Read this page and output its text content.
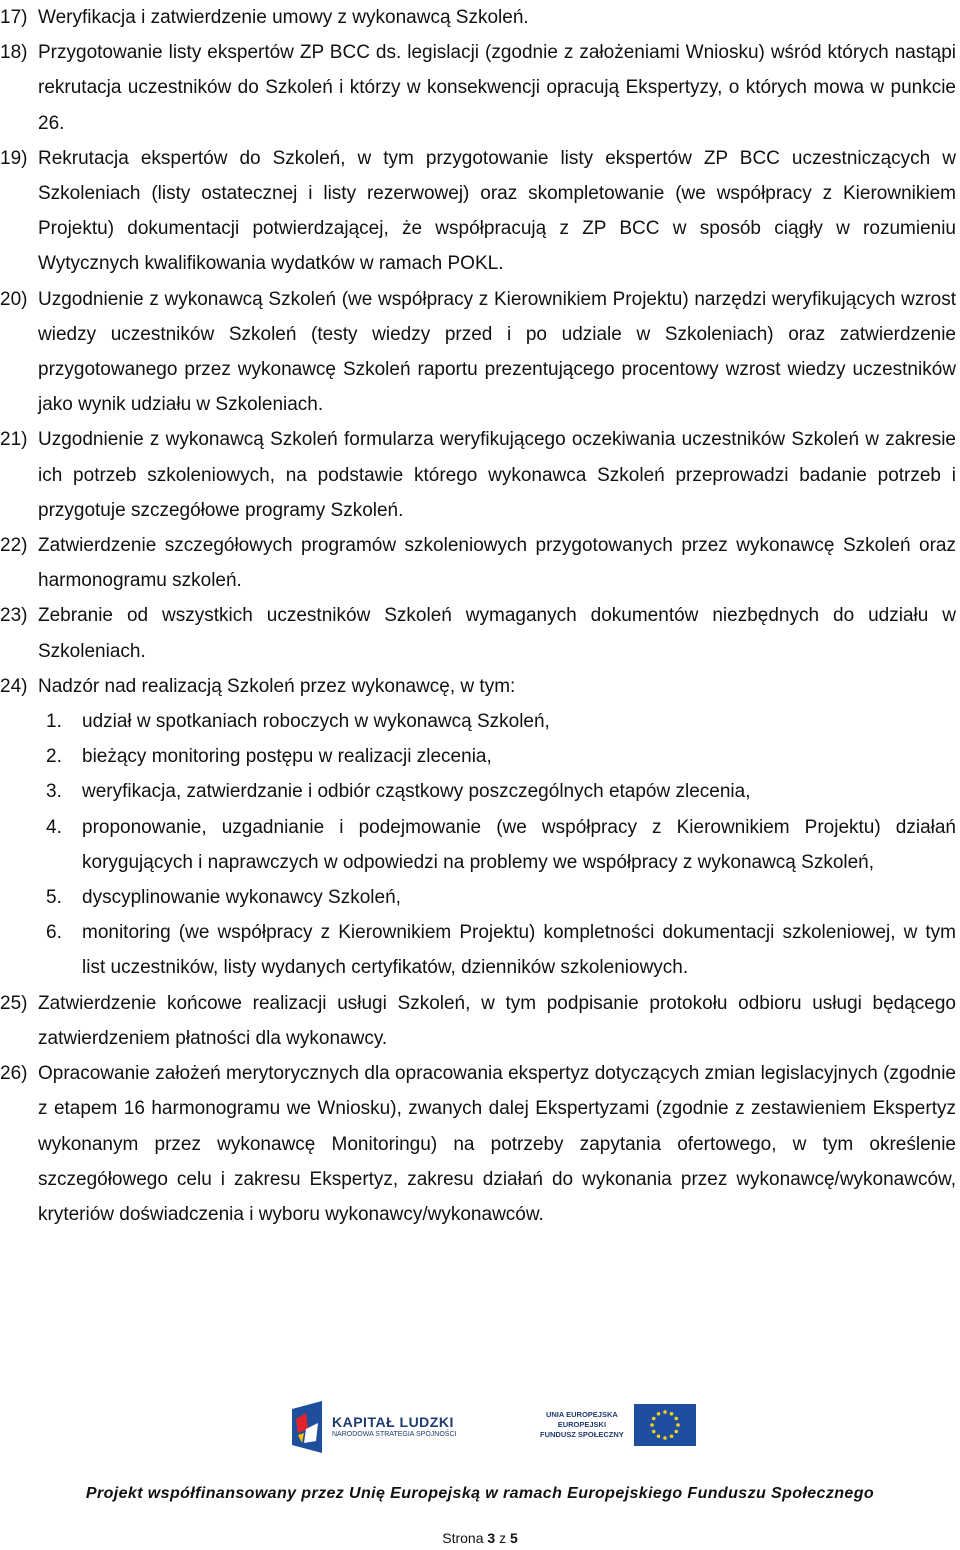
17) Weryfikacja i zatwierdzenie umowy z wykonawcą Szkoleń.
18) Przygotowanie listy ekspertów ZP BCC ds. legislacji (zgodnie z założeniami Wniosku) wśród których nastąpi rekrutacja uczestników do Szkoleń i którzy w konsekwencji opracują Ekspertyzy, o których mowa w punkcie 26.
19) Rekrutacja ekspertów do Szkoleń, w tym przygotowanie listy ekspertów ZP BCC uczestniczących w Szkoleniach (listy ostatecznej i listy rezerwowej) oraz skompletowanie (we współpracy z Kierownikiem Projektu) dokumentacji potwierdzającej, że współpracują z ZP BCC w sposób ciągły w rozumieniu Wytycznych kwalifikowania wydatków w ramach POKL.
20) Uzgodnienie z wykonawcą Szkoleń (we współpracy z Kierownikiem Projektu) narzędzi weryfikujących wzrost wiedzy uczestników Szkoleń (testy wiedzy przed i po udziale w Szkoleniach) oraz zatwierdzenie przygotowanego przez wykonawcę Szkoleń raportu prezentującego procentowy wzrost wiedzy uczestników jako wynik udziału w Szkoleniach.
21) Uzgodnienie z wykonawcą Szkoleń formularza weryfikującego oczekiwania uczestników Szkoleń w zakresie ich potrzeb szkoleniowych, na podstawie którego wykonawca Szkoleń przeprowadzi badanie potrzeb i przygotuje szczegółowe programy Szkoleń.
22) Zatwierdzenie szczegółowych programów szkoleniowych przygotowanych przez wykonawcę Szkoleń oraz harmonogramu szkoleń.
23) Zebranie od wszystkich uczestników Szkoleń wymaganych dokumentów niezbędnych do udziału w Szkoleniach.
24) Nadzór nad realizacją Szkoleń przez wykonawcę, w tym:
1.	udział w spotkaniach roboczych w wykonawcą Szkoleń,
2.	bieżący monitoring postępu w realizacji zlecenia,
3.	weryfikacja, zatwierdzanie i odbiór cząstkowy poszczególnych etapów zlecenia,
4.	proponowanie, uzgadnianie i podejmowanie (we współpracy z Kierownikiem Projektu) działań korygujących i naprawczych w odpowiedzi na problemy we współpracy z wykonawcą Szkoleń,
5.	dyscyplinowanie wykonawcy Szkoleń,
6.	monitoring (we współpracy z Kierownikiem Projektu) kompletności dokumentacji szkoleniowej, w tym list uczestników, listy wydanych certyfikatów, dzienników szkoleniowych.
25) Zatwierdzenie końcowe realizacji usługi Szkoleń, w tym podpisanie protokołu odbioru usługi będącego zatwierdzeniem płatności dla wykonawcy.
26) Opracowanie założeń merytorycznych dla opracowania ekspertyz dotyczących zmian legislacyjnych (zgodnie z etapem 16 harmonogramu we Wniosku), zwanych dalej Ekspertyzami (zgodnie z zestawieniem Ekspertyz wykonanym przez wykonawcę Monitoringu) na potrzeby zapytania ofertowego, w tym określenie szczegółowego celu i zakresu Ekspertyz, zakresu działań do wykonania przez wykonawcę/wykonawców, kryteriów doświadczenia i wyboru wykonawcy/wykonawców.
KAPITAŁ LUDZKI
NARODOWA STRATEGIA SPÓJNOŚCI
UNIA EUROPEJSKA
EUROPEJSKI
FUNDUSZ SPOŁECZNY
Projekt współfinansowany przez Unię Europejską w ramach Europejskiego Funduszu Społecznego
Strona 3 z 5
